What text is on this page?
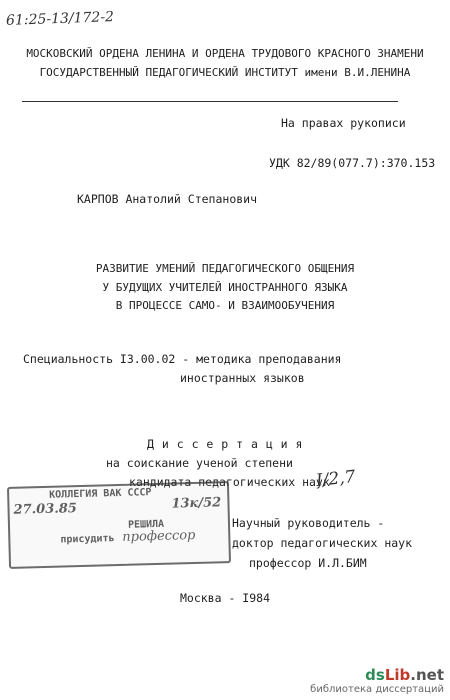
61:25-13/172-2
МОСКОВСКИЙ ОРДЕНА ЛЕНИНА И ОРДЕНА ТРУДОВОГО КРАСНОГО ЗНАМЕНИ
ГОСУДАРСТВЕННЫЙ ПЕДАГОГИЧЕСКИЙ ИНСТИТУТ имени В.И.ЛЕНИНА
На правах рукописи
УДК 82/89(077.7):370.153
КАРПОВ Анатолий Степанович
РАЗВИТИЕ УМЕНИЙ ПЕДАГОГИЧЕСКОГО ОБЩЕНИЯ
У БУДУЩИХ УЧИТЕЛЕЙ ИНОСТРАННОГО ЯЗЫКА
В ПРОЦЕССЕ САМО- И ВЗАИМООБУЧЕНИЯ
Специальность I3.00.02 - методика преподавания
иностранных языков
Д и с с е р т а ц и я
на соискание ученой степени
кандидата педагогических наук
I/2,7
КОЛЛЕГИЯ ВАК СССР
27.03.85	13к/52
РЕШИЛА
присудить профессор
Научный руководитель -
доктор педагогических наук
профессор И.Л.БИМ
Москва - I984
dsLib.net
библиотека диссертаций
